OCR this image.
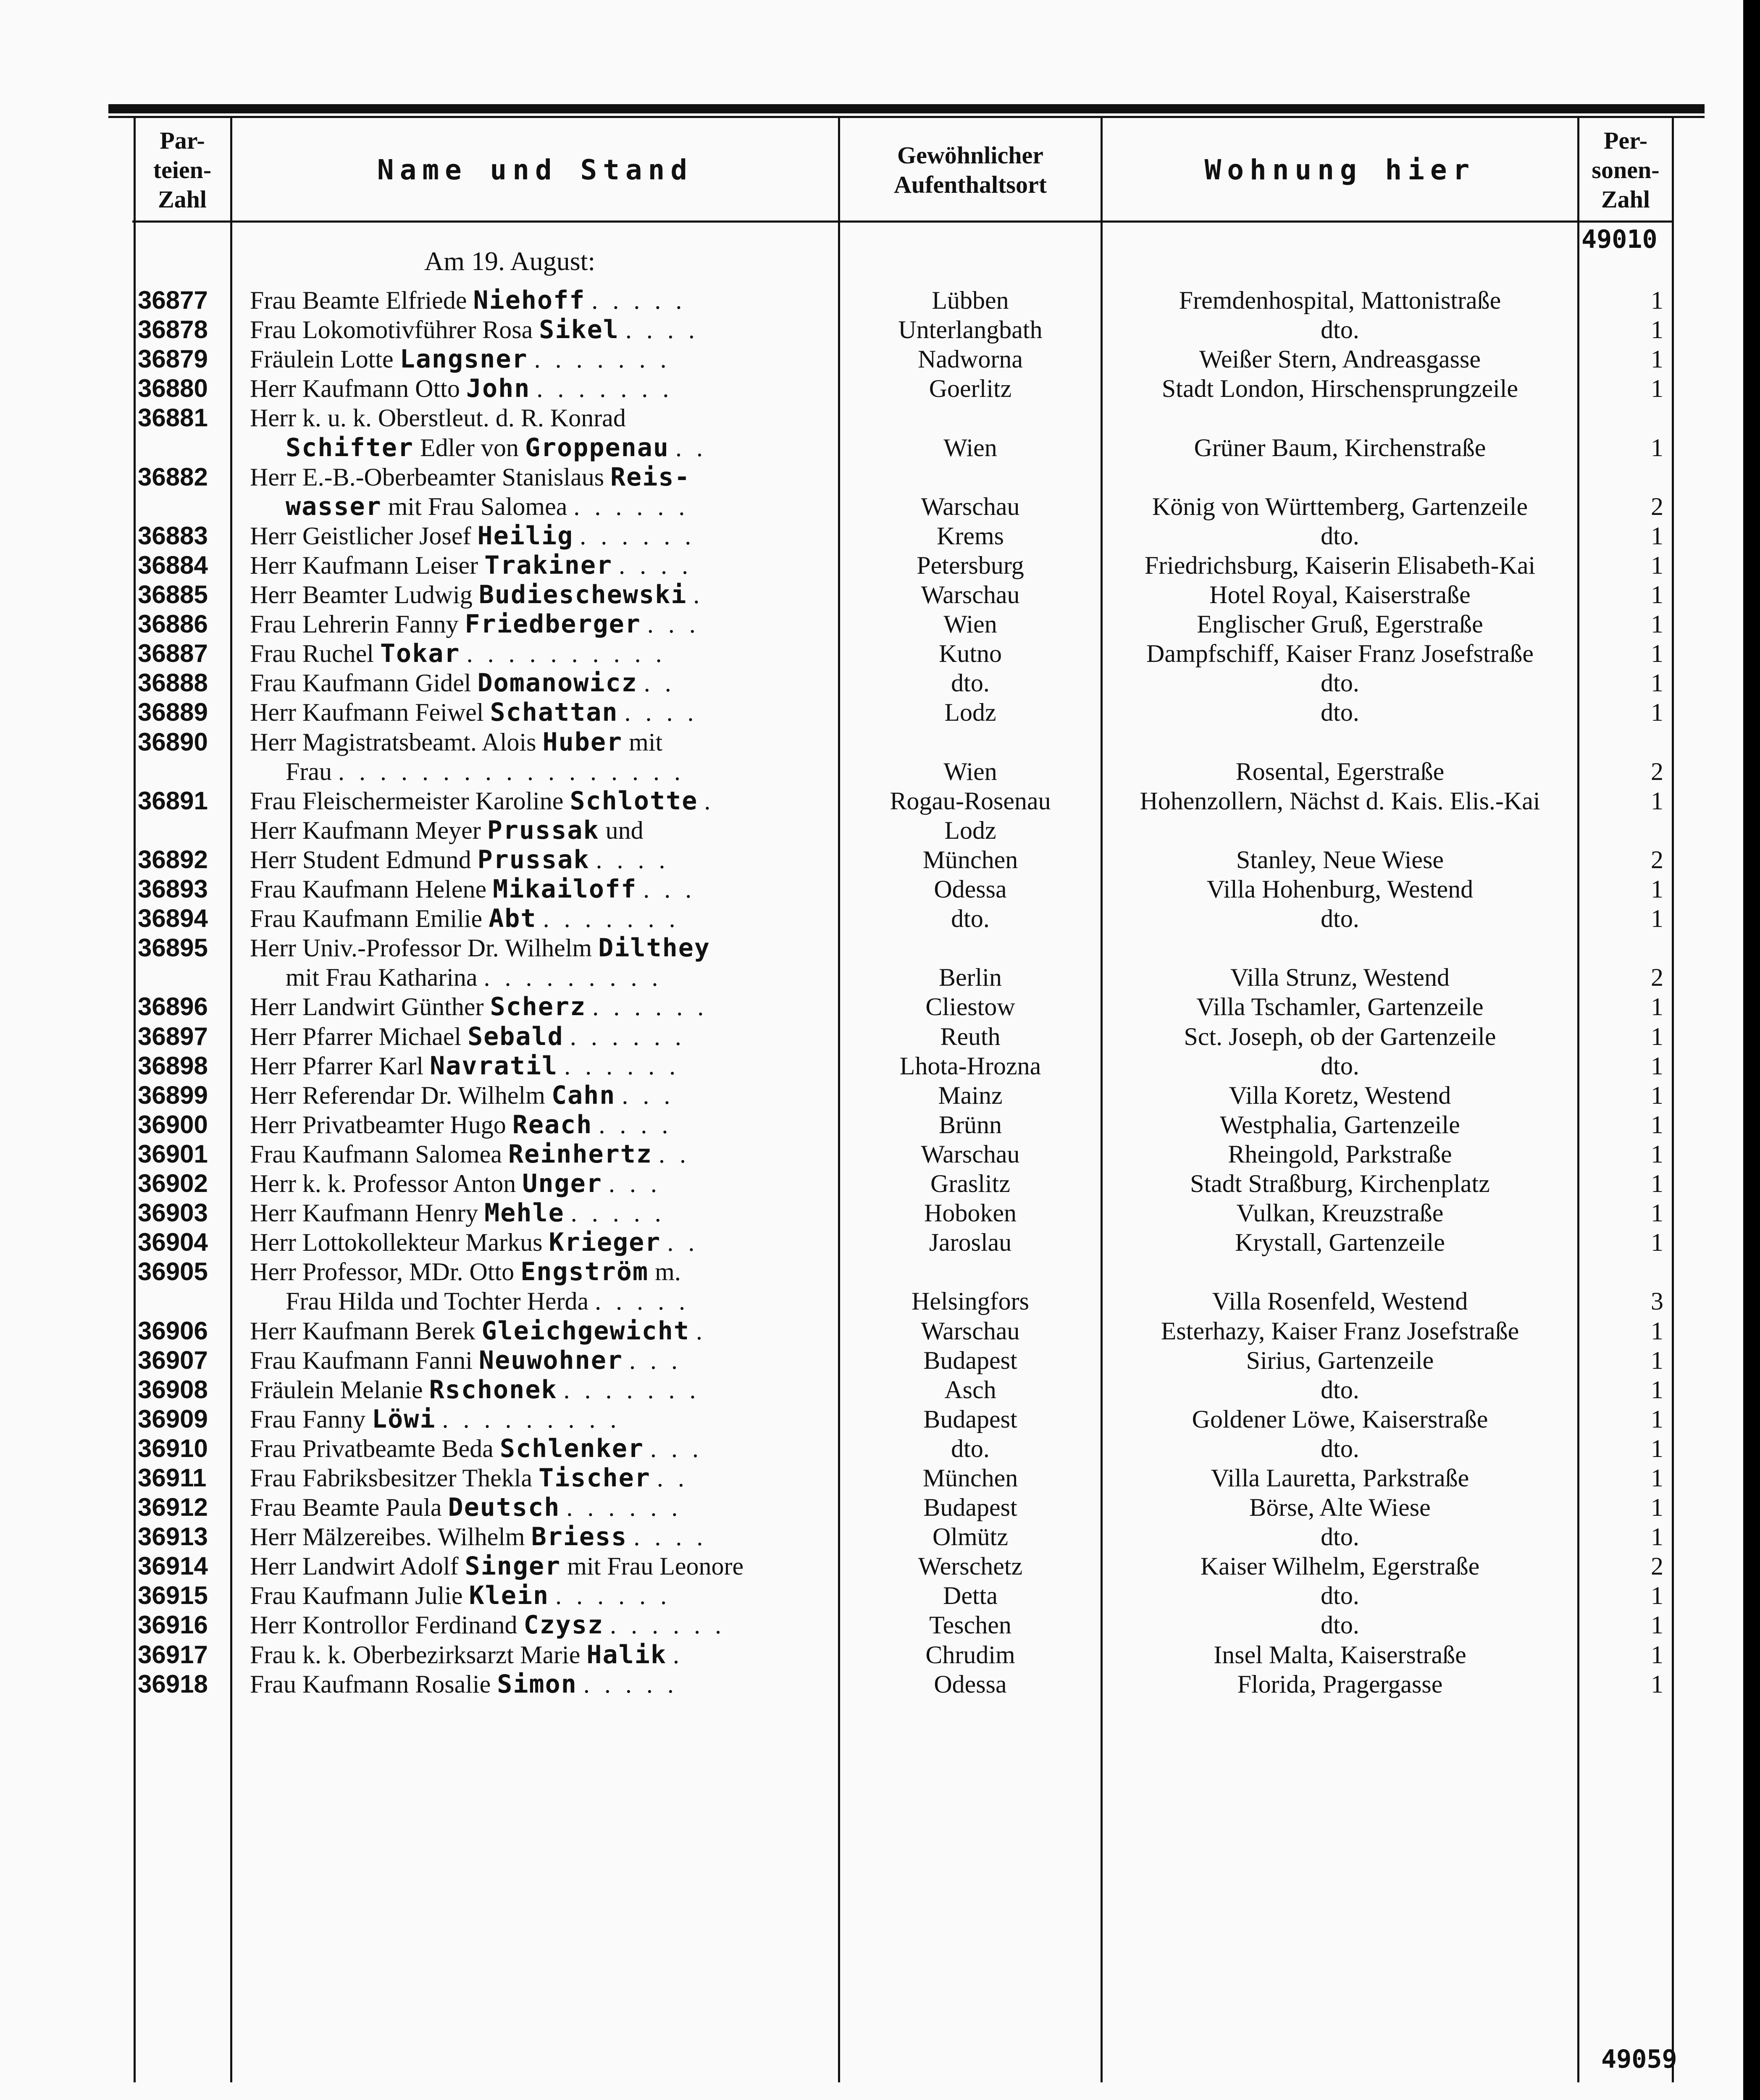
Par- teien- Zahl
Name und Stand	Gewöhnlicher Aufenthaltsort	Wohnung hier
Per- sonen- Zahl
49010
Am 19. August:
36877	Frau Beamte Elfriede Niehoff . . . . .	Lübben	Fremdenhospital, Mattonistraße	1
36878	Frau Lokomotivführer Rosa Sikel . . . .	Unterlangbath	dto.	1
36879	Fräulein Lotte Langsner . . . . . . .	Nadworna	Weißer Stern, Andreasgasse	1
36880	Herr Kaufmann Otto John . . . . . . .	Goerlitz	Stadt London, Hirschensprungzeile	1
36881	Herr k. u. k. Oberstleut. d. R. Konrad
Schifter Edler von Groppenau . .	Wien	Grüner Baum, Kirchenstraße	1
36882	Herr E.-B.-Oberbeamter Stanislaus Reis-
wasser mit Frau Salomea . . . . . .	Warschau	König von Württemberg, Gartenzeile	2
36883	Herr Geistlicher Josef Heilig . . . . . .	Krems	dto.	1
36884	Herr Kaufmann Leiser Trakiner . . . .	Petersburg	Friedrichsburg, Kaiserin Elisabeth-Kai	1
36885	Herr Beamter Ludwig Budieschewski .	Warschau	Hotel Royal, Kaiserstraße	1
36886	Frau Lehrerin Fanny Friedberger . . .	Wien	Englischer Gruß, Egerstraße	1
36887	Frau Ruchel Tokar . . . . . . . . . .	Kutno	Dampfschiff, Kaiser Franz Josefstraße	1
36888	Frau Kaufmann Gidel Domanowicz . .	dto.	dto.	1
36889	Herr Kaufmann Feiwel Schattan . . . .	Lodz	dto.	1
36890	Herr Magistratsbeamt. Alois Huber mit
Frau . . . . . . . . . . . . . . . . .	Wien	Rosental, Egerstraße	2
36891	Frau Fleischermeister Karoline Schlotte .	Rogau-Rosenau	Hohenzollern, Nächst d. Kais. Elis.-Kai	1
Herr Kaufmann Meyer Prussak und	Lodz
36892	Herr Student Edmund Prussak . . . .	München	Stanley, Neue Wiese	2
36893	Frau Kaufmann Helene Mikailoff . . .	Odessa	Villa Hohenburg, Westend	1
36894	Frau Kaufmann Emilie Abt . . . . . . .	dto.	dto.	1
36895	Herr Univ.-Professor Dr. Wilhelm Dilthey
mit Frau Katharina . . . . . . . . .	Berlin	Villa Strunz, Westend	2
36896	Herr Landwirt Günther Scherz . . . . . .	Cliestow	Villa Tschamler, Gartenzeile	1
36897	Herr Pfarrer Michael Sebald . . . . . .	Reuth	Sct. Joseph, ob der Gartenzeile	1
36898	Herr Pfarrer Karl Navratil . . . . . .	Lhota-Hrozna	dto.	1
36899	Herr Referendar Dr. Wilhelm Cahn . . .	Mainz	Villa Koretz, Westend	1
36900	Herr Privatbeamter Hugo Reach . . . .	Brünn	Westphalia, Gartenzeile	1
36901	Frau Kaufmann Salomea Reinhertz . .	Warschau	Rheingold, Parkstraße	1
36902	Herr k. k. Professor Anton Unger . . .	Graslitz	Stadt Straßburg, Kirchenplatz	1
36903	Herr Kaufmann Henry Mehle . . . . .	Hoboken	Vulkan, Kreuzstraße	1
36904	Herr Lottokollekteur Markus Krieger . .	Jaroslau	Krystall, Gartenzeile	1
36905	Herr Professor, MDr. Otto Engström m.
Frau Hilda und Tochter Herda . . . . .	Helsingfors	Villa Rosenfeld, Westend	3
36906	Herr Kaufmann Berek Gleichgewicht .	Warschau	Esterhazy, Kaiser Franz Josefstraße	1
36907	Frau Kaufmann Fanni Neuwohner . . .	Budapest	Sirius, Gartenzeile	1
36908	Fräulein Melanie Rschonek . . . . . . .	Asch	dto.	1
36909	Frau Fanny Löwi . . . . . . . . .	Budapest	Goldener Löwe, Kaiserstraße	1
36910	Frau Privatbeamte Beda Schlenker . . .	dto.	dto.	1
36911	Frau Fabriksbesitzer Thekla Tischer . .	München	Villa Lauretta, Parkstraße	1
36912	Frau Beamte Paula Deutsch . . . . . .	Budapest	Börse, Alte Wiese	1
36913	Herr Mälzereibes. Wilhelm Briess . . . .	Olmütz	dto.	1
36914	Herr Landwirt Adolf Singer mit Frau Leonore	Werschetz	Kaiser Wilhelm, Egerstraße	2
36915	Frau Kaufmann Julie Klein . . . . . .	Detta	dto.	1
36916	Herr Kontrollor Ferdinand Czysz . . . . . .	Teschen	dto.	1
36917	Frau k. k. Oberbezirksarzt Marie Halik .	Chrudim	Insel Malta, Kaiserstraße	1
36918	Frau Kaufmann Rosalie Simon . . . . .	Odessa	Florida, Pragergasse	1
49059
